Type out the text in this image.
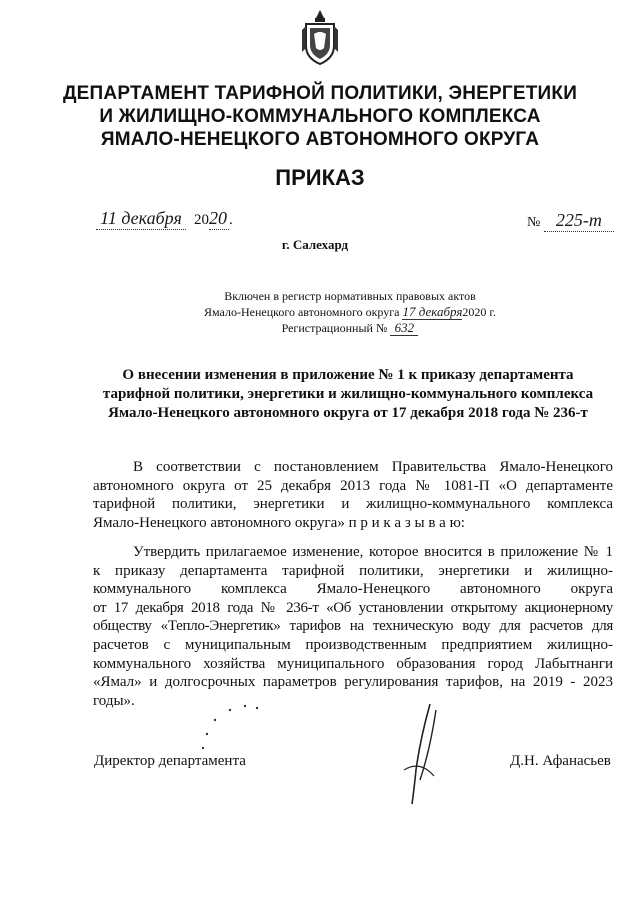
ДЕПАРТАМЕНТ ТАРИФНОЙ ПОЛИТИКИ, ЭНЕРГЕТИКИ
И ЖИЛИЩНО-КОММУНАЛЬНОГО КОМПЛЕКСА
ЯМАЛО-НЕНЕЦКОГО АВТОНОМНОГО ОКРУГА
ПРИКАЗ
11 декабря 2020 .	№ 225-т
г. Салехард
Включен в регистр нормативных правовых актов
Ямало-Ненецкого автономного округа 17 декабря2020 г.
Регистрационный № 632
О внесении изменения в приложение № 1 к приказу департамента
тарифной политики, энергетики и жилищно-коммунального комплекса
Ямало-Ненецкого автономного округа от 17 декабря 2018 года № 236-т
В соответствии с постановлением Правительства Ямало-Ненецкого
автономного округа от 25 декабря 2013 года № 1081-П «О департаменте
тарифной политики, энергетики и жилищно-коммунального комплекса
Ямало-Ненецкого автономного округа» п р и к а з ы в а ю:
Утвердить прилагаемое изменение, которое вносится в приложение № 1
к приказу департамента тарифной политики, энергетики и жилищно-
коммунального комплекса Ямало-Ненецкого автономного округа
от 17 декабря 2018 года № 236-т «Об установлении открытому акционерному
обществу «Тепло-Энергетик» тарифов на техническую воду для расчетов для
расчетов с муниципальным производственным предприятием жилищно-
коммунального хозяйства муниципального образования город Лабытнанги
«Ямал» и долгосрочных параметров регулирования тарифов, на 2019 - 2023
годы».
Директор департамента	Д.Н. Афанасьев
